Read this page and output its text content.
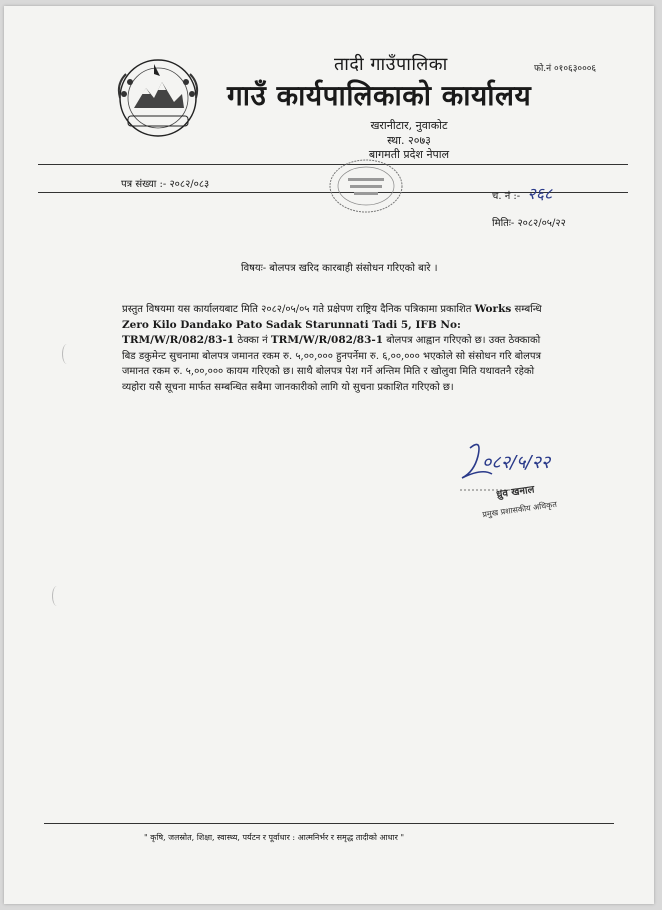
तादी गाउँपालिका
गाउँ कार्यपालिकाको कार्यालय
खरानीटार, नुवाकोट
स्था. २०७३
बागमती प्रदेश नेपाल
फो.नं ०१०६३०००६
पत्र संख्या :- २०८२/०८३
च. नं :- २६८
मितिः- २०८२/०५/२२
विषयः- बोलपत्र खरिद कारबाही संसोधन गरिएको बारे ।
प्रस्तुत विषयमा यस कार्यालयबाट मिति २०८२/०५/०५ गते प्रक्षेपण राष्ट्रिय दैनिक पत्रिकामा प्रकाशित Works सम्बन्धि Zero Kilo Dandako Pato Sadak Starunnati Tadi 5, IFB No: TRM/W/R/082/83-1 ठेक्का नं TRM/W/R/082/83-1 बोलपत्र आह्वान गरिएको छ। उक्त ठेक्काको बिड डकुमेन्ट सुचनामा बोलपत्र जमानत रकम रु. ५,००,००० हुनपर्नेमा रु. ६,००,००० भएकोले सो संसोधन गरि बोलपत्र जमानत रकम रु. ५,००,००० कायम गरिएको छ। साथै बोलपत्र पेश गर्ने अन्तिम मिति र खोलुवा मिति यथावतनै रहेको व्यहोरा यसै सूचना मार्फत सम्बन्धित सबैमा जानकारीको लागि यो सुचना प्रकाशित गरिएको छ।
०८२/५/२२
ध्रुव खनाल
प्रमुख प्रशासकीय अधिकृत
" कृषि, जलस्रोत, शिक्षा, स्वास्थ्य, पर्यटन र पूर्वाधार : आत्मनिर्भर र समृद्ध तादीको आधार "
